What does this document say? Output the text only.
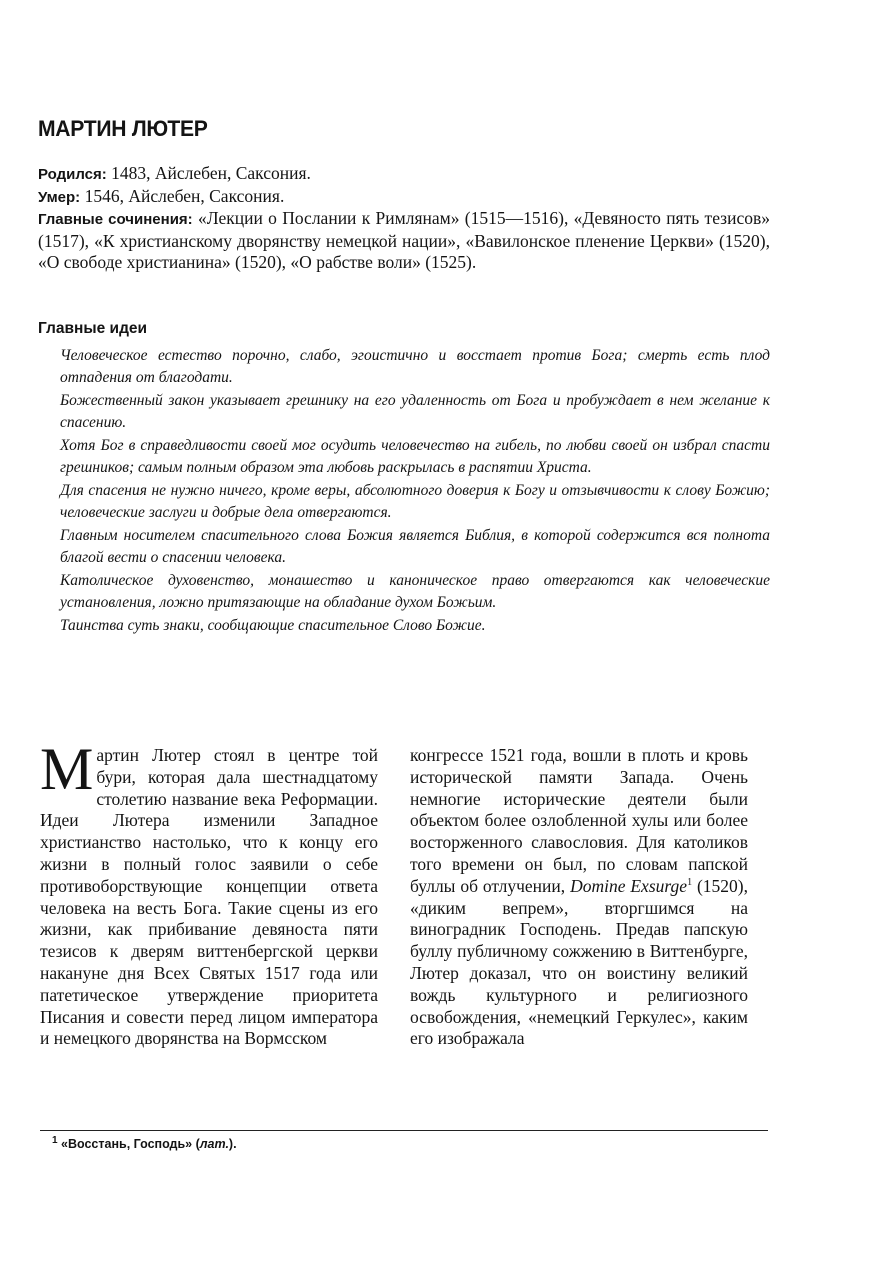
МАРТИН ЛЮТЕР

Родился: 1483, Айслебен, Саксония.

Умер: 1546, Айслебен, Саксония.

Главные сочинения: «Лекции о Послании к Римлянам» (1515—1516), «Девяносто пять тезисов» (1517), «К христианскому дворянству немецкой нации», «Вавилонское пленение Церкви» (1520), «О свободе христианина» (1520), «О рабстве воли» (1525).

Главные идеи
Человеческое естество порочно, слабо, эгоистично и восстает против Бога; смерть есть плод отпадения от благодати.
Божественный закон указывает грешнику на его удаленность от Бога и пробуждает в нем желание к спасению.
Хотя Бог в справедливости своей мог осудить человечество на гибель, по любви своей он избрал спасти грешников; самым полным образом эта любовь раскрылась в распятии Христа.
Для спасения не нужно ничего, кроме веры, абсолютного доверия к Богу и отзывчивости к слову Божию; человеческие заслуги и добрые дела отвергаются.
Главным носителем спасительного слова Божия является Библия, в которой содержится вся полнота благой вести о спасении человека.
Католическое духовенство, монашество и каноническое право отвергаются как человеческие установления, ложно притязающие на обладание духом Божьим.
Таинства суть знаки, сообщающие спасительное Слово Божие.

Мартин Лютер стоял в центре той бури, которая дала шестнадцатому столетию название века Реформации. Идеи Лютера изменили Западное христианство настолько, что к концу его жизни в полный голос заявили о себе противоборствующие концепции ответа человека на весть Бога. Такие сцены из его жизни, как прибивание девяноста пяти тезисов к дверям виттенбергской церкви накануне дня Всех Святых 1517 года или патетическое утверждение приоритета Писания и совести перед лицом императора и немецкого дворянства на Вормсском

конгрессе 1521 года, вошли в плоть и кровь исторической памяти Запада. Очень немногие исторические деятели были объектом более озлобленной хулы или более восторженного славословия. Для католиков того времени он был, по словам папской буллы об отлучении, Domine Exsurge$^1$ (1520), «диким вепрем», вторгшимся на виноградник Господень. Предав папскую буллу публичному сожжению в Виттенбурге, Лютер доказал, что он воистину великий вождь культурного и религиозного освобождения, «немецкий Геркулес», каким его изображала

$^1$ «Восстань, Господь» (лат.).
